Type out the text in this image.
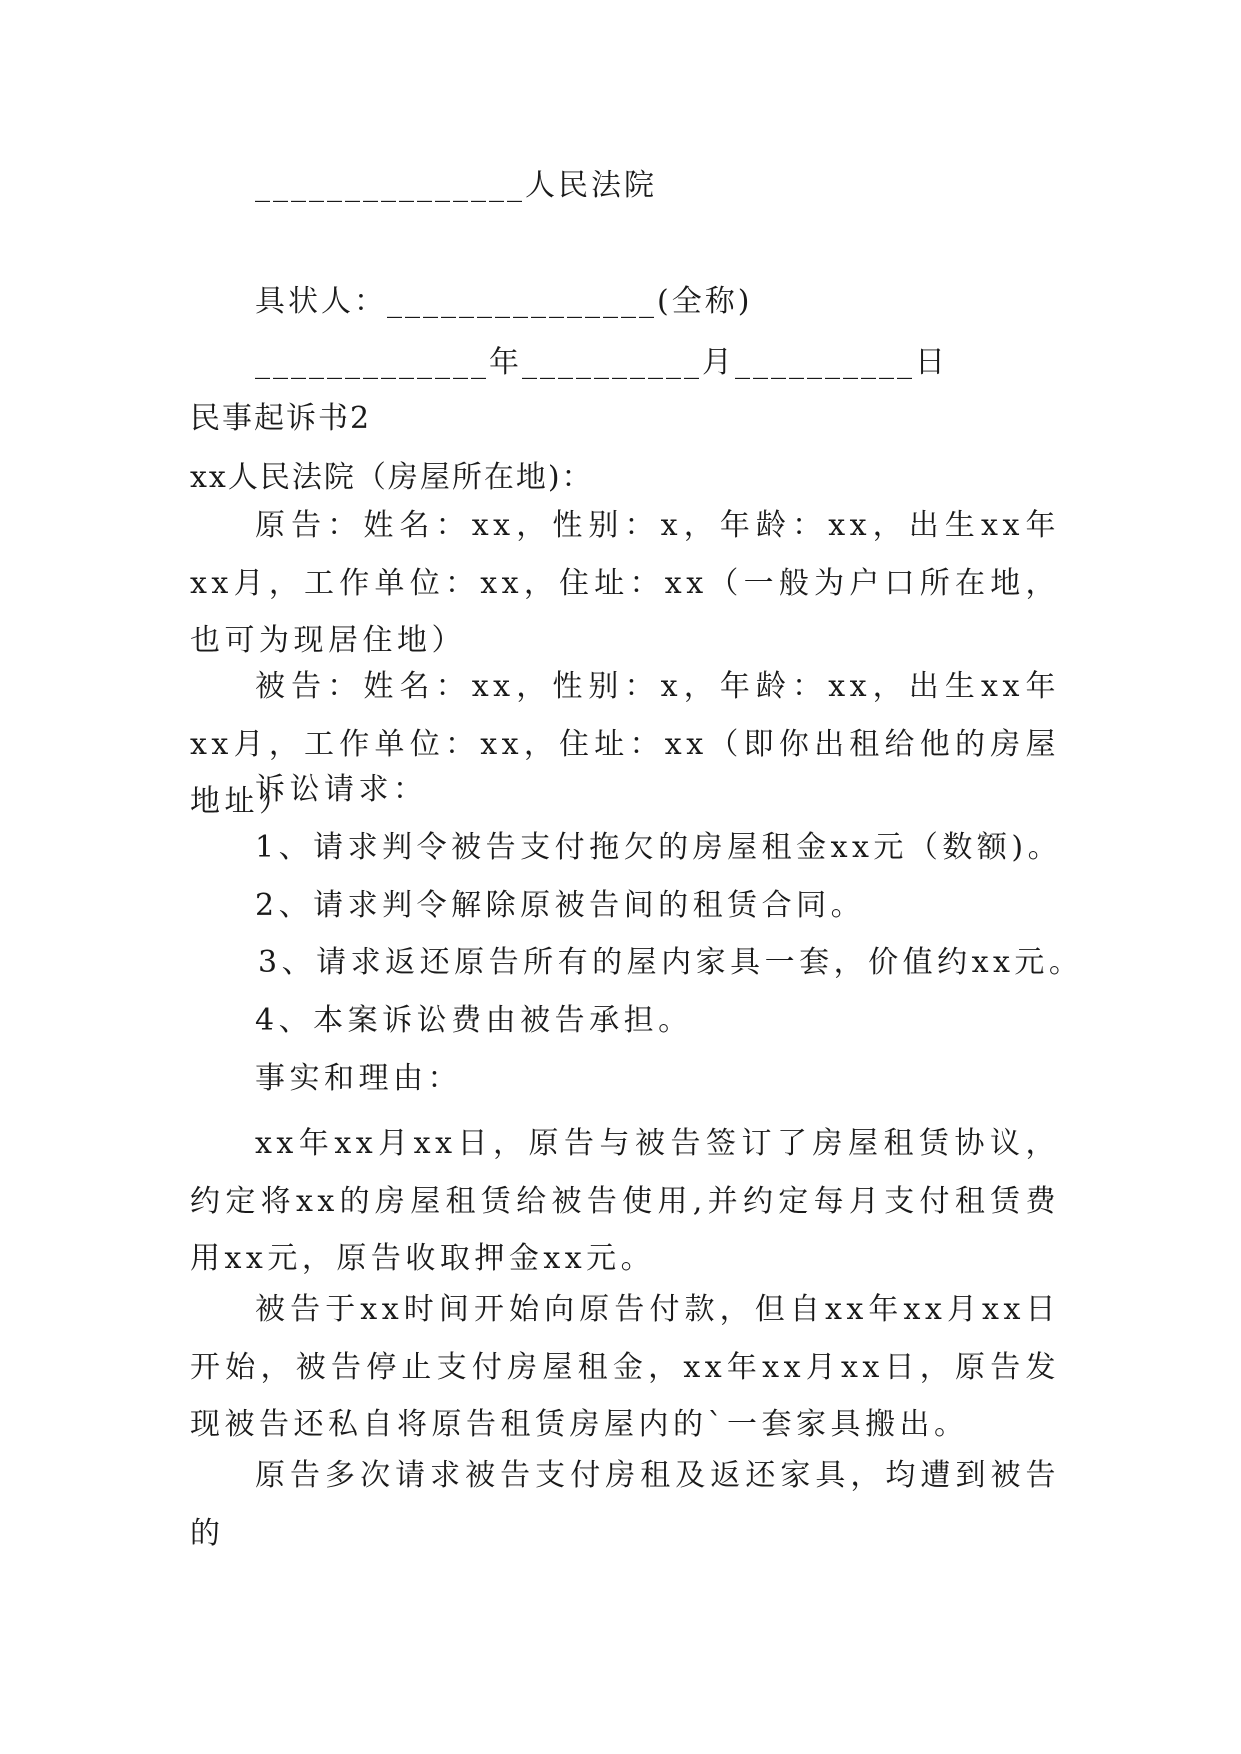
_______________人民法院
具状人：_______________(全称)
_____________年__________月__________日
民事起诉书2
xx人民法院（房屋所在地)：
原告：姓名：xx，性别：x，年龄：xx，出生xx年xx月，工作单位：xx，住址：xx（一般为户口所在地，也可为现居住地）
被告：姓名：xx，性别：x，年龄：xx，出生xx年xx月，工作单位：xx，住址：xx（即你出租给他的房屋地址）
诉讼请求：
1、请求判令被告支付拖欠的房屋租金xx元（数额)。
2、请求判令解除原被告间的租赁合同。
3、请求返还原告所有的屋内家具一套，价值约xx元。
4、本案诉讼费由被告承担。
事实和理由：
xx年xx月xx日，原告与被告签订了房屋租赁协议，约定将xx的房屋租赁给被告使用,并约定每月支付租赁费用xx元，原告收取押金xx元。
被告于xx时间开始向原告付款，但自xx年xx月xx日开始，被告停止支付房屋租金，xx年xx月xx日，原告发现被告还私自将原告租赁房屋内的`一套家具搬出。
原告多次请求被告支付房租及返还家具，均遭到被告的
